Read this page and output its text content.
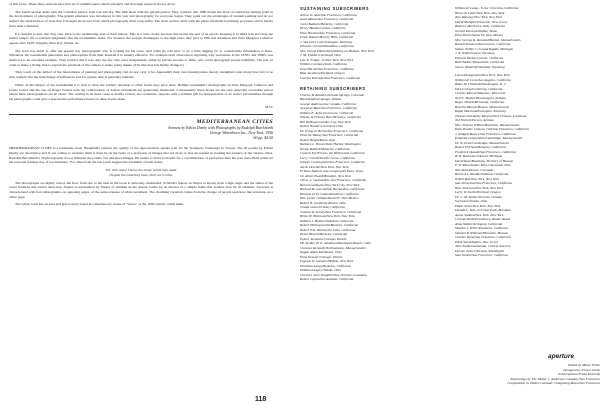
of this focus. These three sections have that air of definitiveness which scholarly and thorough research always gives.

The fourth section deals with the collodion period, both wet and dry. The fifth deals with the gelatin period. They consider that 1880 marks the most revolutionary turning point in the development of photography. The gelatin emulsion was introduced in this year and photography for everyone began. They point out the advantages of bantam pushing and do not neglect the deterioration of taste that it brought about and from which photography must long suffer. The sixth section deals with the photo-mechanical printing processes and is hardly more than a mention.

It is helpful to note that they take 1914 as the terminating date of their history. This is a wise choice because that marks the end of an epoch. Keeping it in mind will also help the reader temper the occasional judgments that the Gernsheims make. For instance the serious challengers to the high place they give to Hill and Adamson and Julia Margaret Cameron appear after 1920: Stieglitz, Man Ray, Strand, etc.

The book has much to offer the present day photographer who is looking for his roots. And while he will have to do a little digging for it, considerable information is there. Whenever the Gernsheims generalize and philosophize from their material it is usually effective. For example their observation regarding why portraiture in the 1870's and 1880's was mediocre is an excellent example. They noticed that it was only the few who were independent, either by private income or fame, who could photograph people truthfully. The rest, in order to make a living, had to exploit the penchant of the camera to make pretty masks. (The situation has hardly changed.)

They touch on the subject of the interrelation of painting and photography, but do not carry it far. Apparently their own investigations merely strengthen what many have felt to be true, namely that the interchange of influences was far greater than is generally realized.

While on the subject of the Gernsheims it is well to draw the readers' attention to other books they have done. Helmut Gernsheim's monographs on Julia Margaret Cameron and Lewis Carrol and the one on Roger Fenton with the collaboration of Alison Gernsheim are generously illustrated. Consequently these books are the only generally accessible places where these photographers are all about. The writing in all three cases is mainly factual, also extensive. Anyone with a brilliant gift for interpretation of an artist's personalities through his photographs could give a spectacular performance based on these books alone.

M.W.

MEDITERRANEAN CITIES
Sonnets by Edwin Denby with Photographs by Rudolph Burckhardt
George Wittenborn Inc., New York, 1956
60 pp. $4.50

MEDITERRANEAN CITIES is a handsome book. Beautifully printed, the quality of the reproductions speaks well for the Stamperia Valdonega in Verona. The 29 poems by Edwin Denby are descriptive and if one wishes to evaluate them it must be on the basis of a profusion of images that are more or less successful in evoking the essence of the various cities. Rudolph Burckhardt's 30 photographs do not illustrate the poems, but add more images. He seems to strive no harder for a crystallization of each place than the poet does. Both artists let the personal feelings rise, if not dominate. Two lines from the last poem suggest the treatment of both artists.

For with vapor I know the lovely world men made

Despite the mind they have, their art is mild.

The photographs are highly varied, the flow from one to the next in the book is delicately modulated. St Mark's Square in Venice is shown from a high angle and the sheen of the water freshens this tourist attraction. Naples is represented by friezes of children in the streets. Ischia by an interior of a simple home that isolates love by its sureness. Syracuse is characterized with four photographs, on opposing pages, of the same expanse of white pavement. The charming variation comes from the change of people seen here like notations on a white page.

The whole book has an ease and grace rarely found in contemporary books of "views" as the 19th Century called them.

118
SUSTAINING SUBSCRIBERS
Arthur D. Abel/San Francisco, California
Awal Adams/San Francisco, California
Carol Baldwin/Berkeley, California
Henry Blanke/Corona, California
Ellen Brenton/San Francisco, California
Emily Bunker/Beverly Hills, California
J. Van Dorn Cole/Lexington, Kentucky
Edward Creswell/Pasadena, California
Mrs. Ernest Edelin/Stroudsburg-on-Hudson, New York
J. M. Fielder/Cleveland, Ohio
Lyle E. Fridge, Jr./New York, New York
William Gresham/Lodi, California
Paul Harrell/San Francisco, California
Rika Jacobsen/Portland, Oregon
Laurinn Kennedy/San Francisco, California
RETAINING SUBSCRIBERS
Charles B. Abbott/Colorado Springs, Colorado
Harold Allen/Chicago, Illinois
George Anderson/La Canada, California
Joseph P. Bahr/San Francisco, California
William E. Aylor/Livermore, California
Morley & Frances Barr/Berkeley, California
Bill Bollinger/Garden City, New York
Robert Bender/Cleveland, Ohio
Dr. Irving N. Berlin/San Francisco, California
Ethel M. Blakey/San Francisco, California
Robert Bright/Rome, Italy
Barbara L. Brown/Deer Harbor, Washington
Wynne Bullock/Monterey, California
Camera Eye/Fresno, the Hollywood, California
Larry Colwell/Pacific Grove, California
Imogen Cunningham/San Francisco, California
Jacob Deschin/New York, New York
El Paso Natural Gas Company/El Paso, Texas
Dr. Albert Ewald/Brooklyn, New York
Oliver L. Gagliardi/S. San Francisco, California
Barrett Gallagher/New York City, New York
Richard M. Garrod/San Bernardino, California
Howard Grier-Gates/Alhambra, California
Mrs. Lester Gilliam/Santa Fe, New Mexico
Robert B. Goodman/Athens, Ohio
Chalfa Gotes/Orinda, California
Coleton D. Greely/San Francisco, California
Helen H. Holbrook/New York, New York
William J. Hollyer/Oakland, California
Robert Hollingsworth/Berkeley, California
Robert Wm. Holmes/La Jolla, California
Helen Howell/Berkeley, California
Egbert Jacobson/Chicago, Illinois
Mr. & Mrs. H. E. Jakobsen/Manhattan Beach, Calif.
Clarence Kennedy/Northampton, Massachusetts
Kappa Alpha Mu/Mount, Ohio
Elma Krauter/Chicago, Illinois
Eugenie N. Lampert/Buffalo, New York
Dorothea Lange/Berkeley, California
William Langley/Toledo, Ohio
Clarence John Laughlin/New Orleans, Louisiana
Robert Layton/San Andreas, California
William R. Lange, Jr./La Crescenta, California
Henry B. Lazer/New York, New York
Tom Maloney/New York, New York
David McAlpin/Princeton, New Jersey
Beatrice Merrin/La Jolla, California
Gerard Petrasyk/Dallas, Texas
Eliot Porter/Santa Fe, New Mexico
Mrs. George R. Rowland/Boston, Massachusetts
Russell Solomon/Sacramento, California
Stuber, Wilbur C./Grand Rapids, Michigan
J. R. Willis/Graton, Wyoming
Edward Weston/Carmel, California
Ruth Walker/Watsonville, California
Steven Woodruff/Sheridan, Wyoming
Leica Photography/New York, New York
William R. Levin/Los Angeles, California
Baker W. Littlehale/Washington, D. C.
Dick Loring/Lordsburg, California
Charles Marvel/Waunaue, Wisconsin
Neil E. Mathes/Bloomington, Indiana
Roger Minick/Richmond, California
Rosaria Masson/Boston, Massachusetts
Ralph Moerland/Lexington, Kentucky
Thomas and Audry Murphy/New Orleans, Louisiana
Ted Nichols/Tucson, Arizona
Mrs. Thomas O'Hare/Brookline, Massachusetts
Park Powder Camera Club/San Francisco, California
J. Padgett Rogers/San Francisco, California
Polaroid Corporation/Cambridge, Massachusetts
Dr. W. Pratt/Cambridge, Massachusetts
Robert Prichard/Berkeley, California
Frederick Quandt/San Francisco, California
H. R. Rainwater/Detroit, Michigan
David Rose/Honolulu, Territory of Hawaii
F. W. Rhinelander, M.D./Cleveland, Ohio
Nile Root/Denver, Colorado
Richard L. Raudle/Oakland, California
Willett Rutt/New York, New York
Sam Silverman/San Francisco, California
Rose Sherman/New York, New York
Larry W. Smith/Portland, Oregon
Dr. C. M. Spitzer/Toronto, Canada
Sol Sotere/Toledo, Ohio
Edgar Stone/New York, New York
Donald L. Tale, Jr./Great Falls, Montana
Aaron Suskind/New York, New York
Conrad Vireki/Providence, Rhode Island
Alma Walker/Arlington, California
Stephen J. White/Pasadena, California
Stephen P. Whitman/Honolulu, Hawaii
Charles Wong/San Francisco, California
Edith Wynd/Naples, New Jersey
Jalie Zadik/Guatemala, Central America
Donner Zeiner/Tacoma, Washington
Sam Zemels/San Francisco, California
aperture
Edited by Minor White
Designed by Ernest Gresh
Subscriptions/Freda Kennedy
Engravings by The Walter J. Anderson Company/San Francisco
Composition by Haller-Garbade Composing Room/San Francisco
